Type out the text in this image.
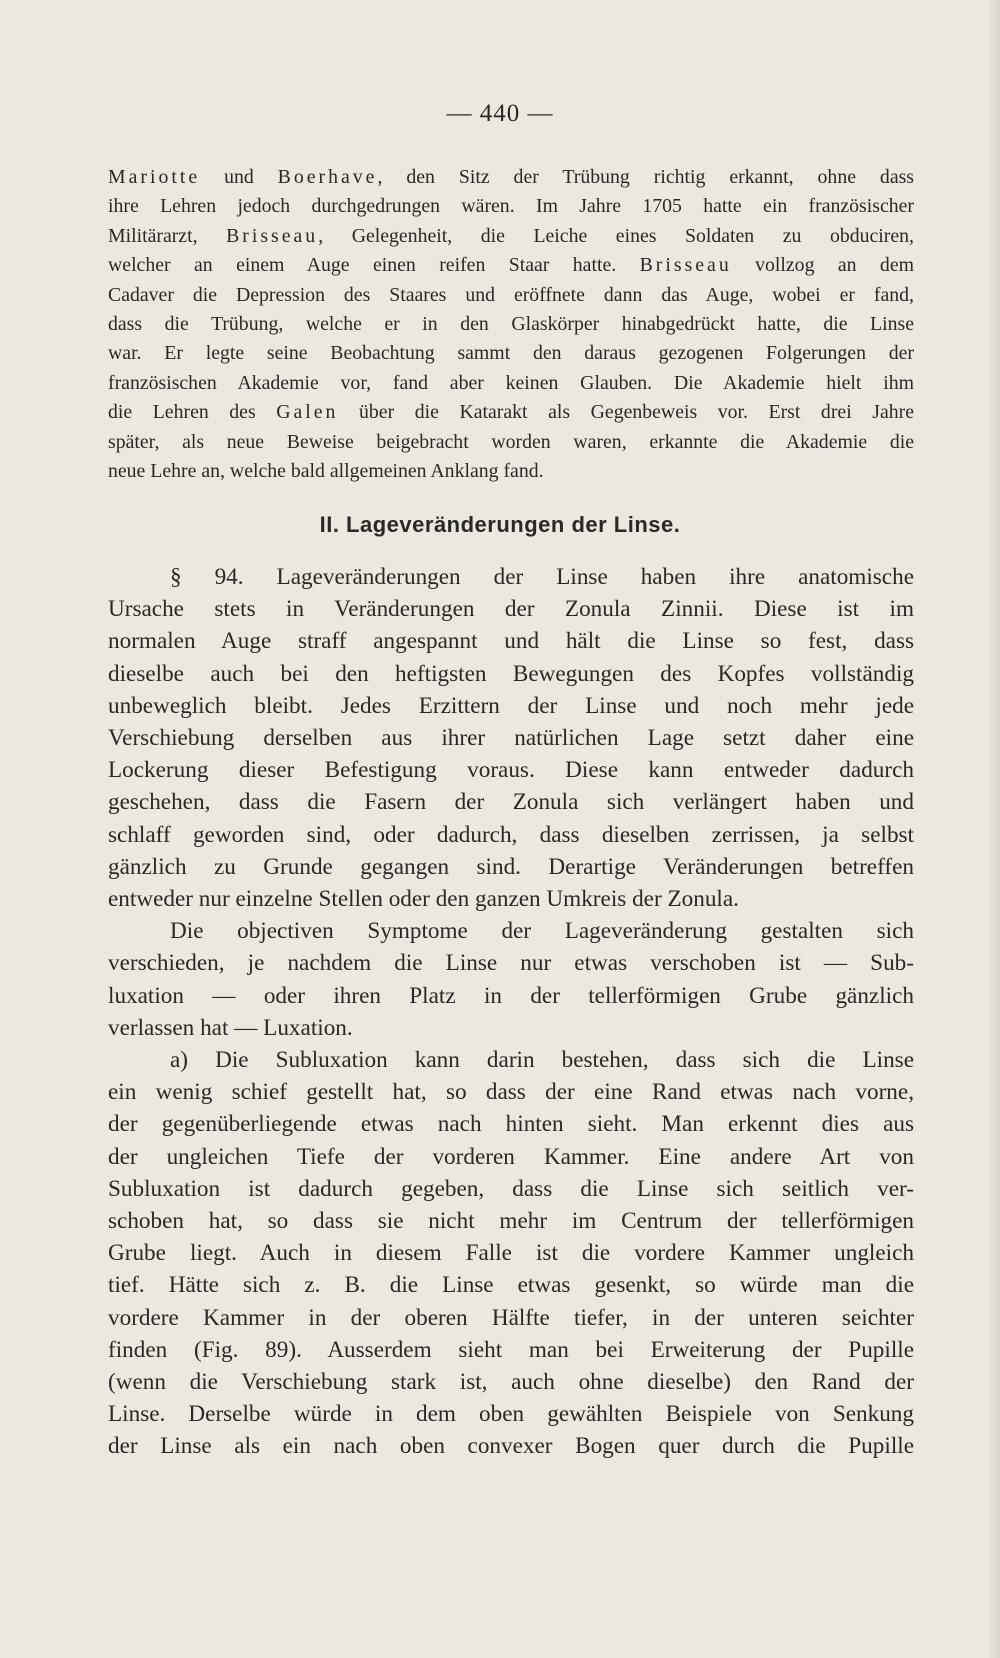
— 440 —
Mariotte und Boerhave, den Sitz der Trübung richtig erkannt, ohne dass
ihre Lehren jedoch durchgedrungen wären. Im Jahre 1705 hatte ein französischer
Militärarzt, Brisseau, Gelegenheit, die Leiche eines Soldaten zu obduciren,
welcher an einem Auge einen reifen Staar hatte. Brisseau vollzog an dem
Cadaver die Depression des Staares und eröffnete dann das Auge, wobei er fand,
dass die Trübung, welche er in den Glaskörper hinabgedrückt hatte, die Linse
war. Er legte seine Beobachtung sammt den daraus gezogenen Folgerungen der
französischen Akademie vor, fand aber keinen Glauben. Die Akademie hielt ihm
die Lehren des Galen über die Katarakt als Gegenbeweis vor. Erst drei Jahre
später, als neue Beweise beigebracht worden waren, erkannte die Akademie die
neue Lehre an, welche bald allgemeinen Anklang fand.
II. Lageveränderungen der Linse.
§ 94. Lageveränderungen der Linse haben ihre anatomische
Ursache stets in Veränderungen der Zonula Zinnii. Diese ist im
normalen Auge straff angespannt und hält die Linse so fest, dass
dieselbe auch bei den heftigsten Bewegungen des Kopfes vollständig
unbeweglich bleibt. Jedes Erzittern der Linse und noch mehr jede
Verschiebung derselben aus ihrer natürlichen Lage setzt daher eine
Lockerung dieser Befestigung voraus. Diese kann entweder dadurch
geschehen, dass die Fasern der Zonula sich verlängert haben und
schlaff geworden sind, oder dadurch, dass dieselben zerrissen, ja selbst
gänzlich zu Grunde gegangen sind. Derartige Veränderungen betreffen
entweder nur einzelne Stellen oder den ganzen Umkreis der Zonula.
Die objectiven Symptome der Lageveränderung gestalten sich
verschieden, je nachdem die Linse nur etwas verschoben ist — Sub-
luxation — oder ihren Platz in der tellerförmigen Grube gänzlich
verlassen hat — Luxation.
a) Die Subluxation kann darin bestehen, dass sich die Linse
ein wenig schief gestellt hat, so dass der eine Rand etwas nach vorne,
der gegenüberliegende etwas nach hinten sieht. Man erkennt dies aus
der ungleichen Tiefe der vorderen Kammer. Eine andere Art von
Subluxation ist dadurch gegeben, dass die Linse sich seitlich ver-
schoben hat, so dass sie nicht mehr im Centrum der tellerförmigen
Grube liegt. Auch in diesem Falle ist die vordere Kammer ungleich
tief. Hätte sich z. B. die Linse etwas gesenkt, so würde man die
vordere Kammer in der oberen Hälfte tiefer, in der unteren seichter
finden (Fig. 89). Ausserdem sieht man bei Erweiterung der Pupille
(wenn die Verschiebung stark ist, auch ohne dieselbe) den Rand der
Linse. Derselbe würde in dem oben gewählten Beispiele von Senkung
der Linse als ein nach oben convexer Bogen quer durch die Pupille
